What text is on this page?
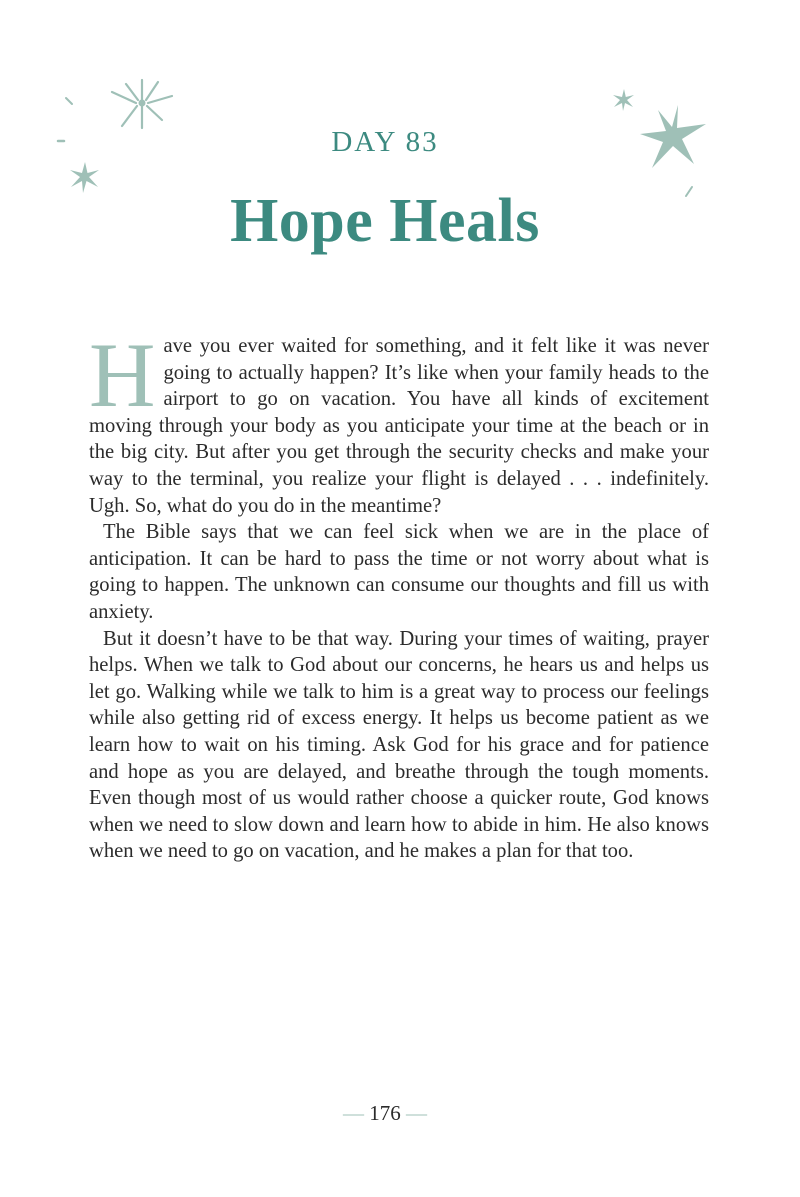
DAY 83
Hope Heals

Have you ever waited for something, and it felt like it was never going to actually happen? It’s like when your family heads to the airport to go on vacation. You have all kinds of excitement moving through your body as you anticipate your time at the beach or in the big city. But after you get through the security checks and make your way to the terminal, you realize your flight is delayed . . . indefinitely. Ugh. So, what do you do in the meantime?

The Bible says that we can feel sick when we are in the place of anticipation. It can be hard to pass the time or not worry about what is going to happen. The unknown can consume our thoughts and fill us with anxiety.

But it doesn’t have to be that way. During your times of waiting, prayer helps. When we talk to God about our concerns, he hears us and helps us let go. Walking while we talk to him is a great way to process our feelings while also getting rid of excess energy. It helps us become patient as we learn how to wait on his timing. Ask God for his grace and for patience and hope as you are delayed, and breathe through the tough moments. Even though most of us would rather choose a quicker route, God knows when we need to slow down and learn how to abide in him. He also knows when we need to go on vacation, and he makes a plan for that too.

— 176 —
